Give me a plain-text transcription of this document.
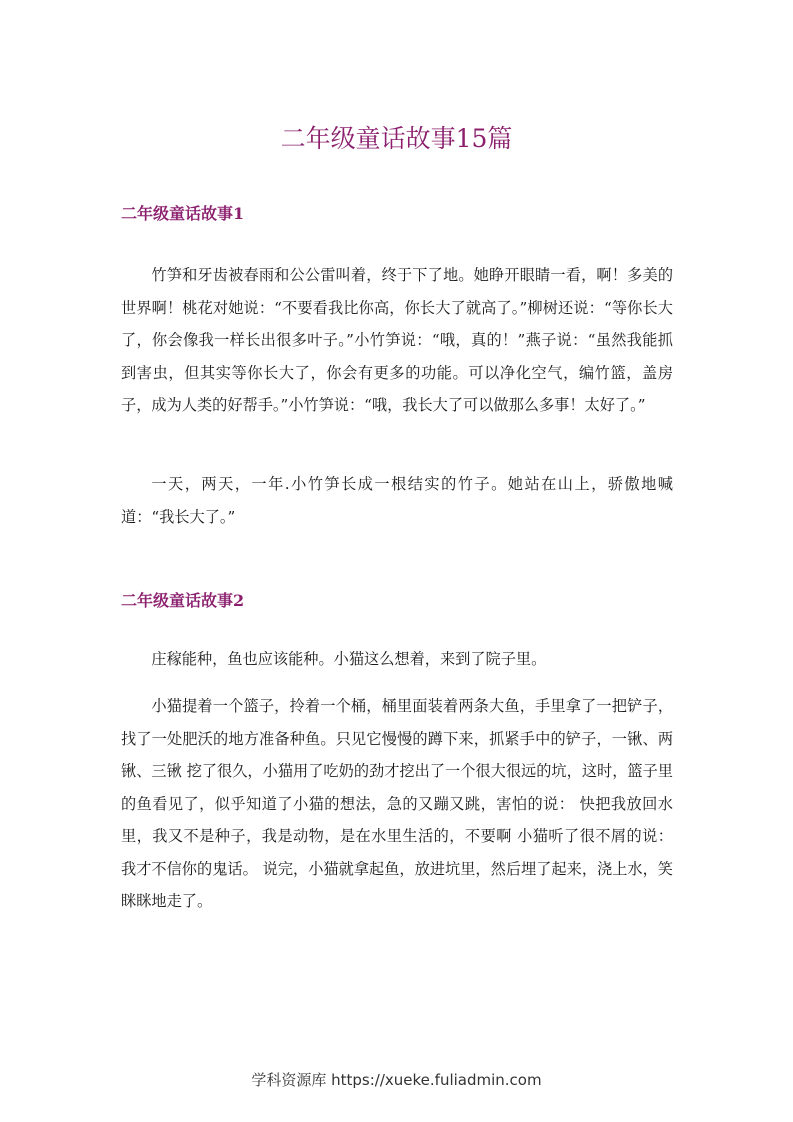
二年级童话故事15篇
二年级童话故事1

竹笋和牙齿被春雨和公公雷叫着，终于下了地。她睁开眼睛一看，啊！多美的世界啊！桃花对她说：“不要看我比你高，你长大了就高了。”柳树还说：“等你长大了，你会像我一样长出很多叶子。”小竹笋说：“哦，真的！”燕子说：“虽然我能抓到害虫，但其实等你长大了，你会有更多的功能。可以净化空气，编竹篮，盖房子，成为人类的好帮手。”小竹笋说：“哦，我长大了可以做那么多事！太好了。”

一天，两天，一年.小竹笋长成一根结实的竹子。她站在山上，骄傲地喊道：“我长大了。”

二年级童话故事2

庄稼能种，鱼也应该能种。小猫这么想着，来到了院子里。

小猫提着一个篮子，拎着一个桶，桶里面装着两条大鱼，手里拿了一把铲子，找了一处肥沃的地方准备种鱼。只见它慢慢的蹲下来，抓紧手中的铲子，一锹、两锹、三锹 挖了很久，小猫用了吃奶的劲才挖出了一个很大很远的坑，这时，篮子里的鱼看见了，似乎知道了小猫的想法，急的又蹦又跳，害怕的说： 快把我放回水里，我又不是种子，我是动物，是在水里生活的，不要啊 小猫听了很不屑的说： 我才不信你的鬼话。 说完，小猫就拿起鱼，放进坑里，然后埋了起来，浇上水，笑眯眯地走了。

学科资源库 https://xueke.fuliadmin.com
